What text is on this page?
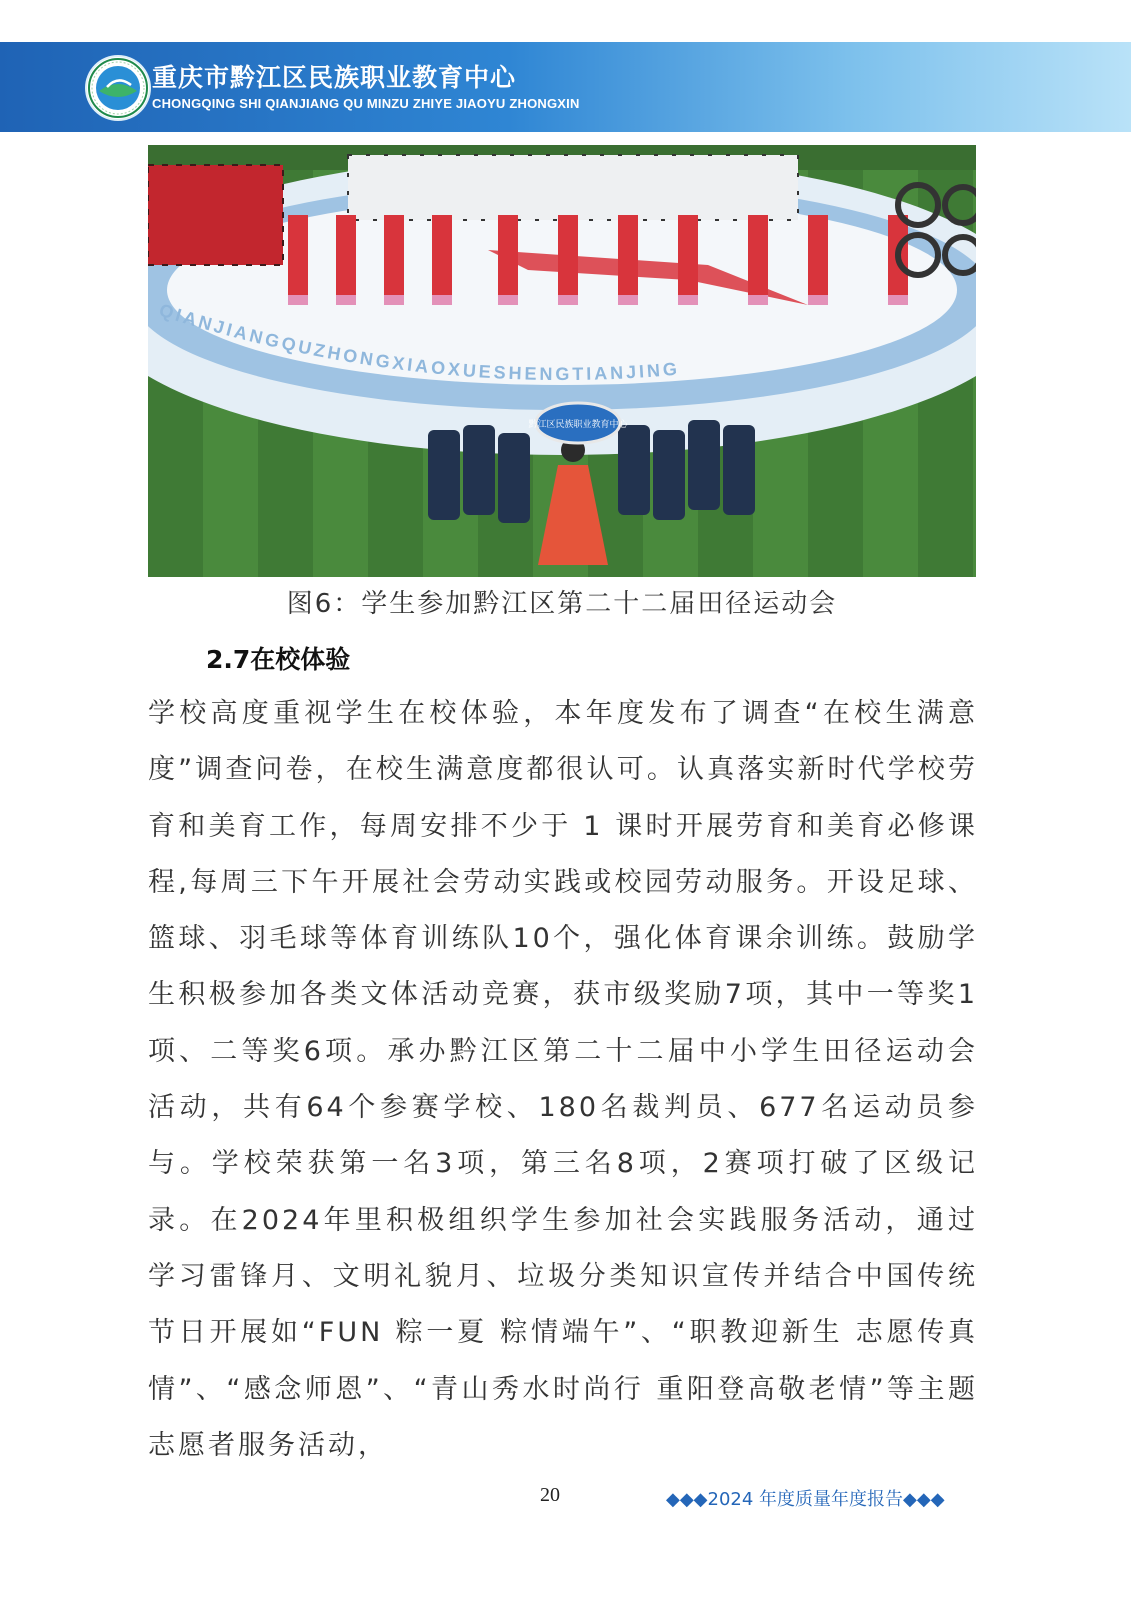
重庆市黔江区民族职业教育中心
CHONGQING SHI QIANJIANG QU MINZU ZHIYE JIAOYU ZHONGXIN
QIANJIANGQUZHONGXIAOXUESHENGTIANJING
黔江区民族职业教育中心
图6：学生参加黔江区第二十二届田径运动会
2.7在校体验

学校高度重视学生在校体验，本年度发布了调查“在校生满意度”调查问卷，在校生满意度都很认可。认真落实新时代学校劳育和美育工作，每周安排不少于 1 课时开展劳育和美育必修课程,每周三下午开展社会劳动实践或校园劳动服务。开设足球、篮球、羽毛球等体育训练队10个，强化体育课余训练。鼓励学生积极参加各类文体活动竞赛，获市级奖励7项，其中一等奖1项、二等奖6项。承办黔江区第二十二届中小学生田径运动会活动，共有64个参赛学校、180名裁判员、677名运动员参与。学校荣获第一名3项，第三名8项，2赛项打破了区级记录。在2024年里积极组织学生参加社会实践服务活动，通过学习雷锋月、文明礼貌月、垃圾分类知识宣传并结合中国传统节日开展如“FUN 粽一夏 粽情端午”、“职教迎新生 志愿传真情”、“感念师恩”、“青山秀水时尚行 重阳登高敬老情”等主题志愿者服务活动，

20	◆◆◆2024 年度质量年度报告◆◆◆
